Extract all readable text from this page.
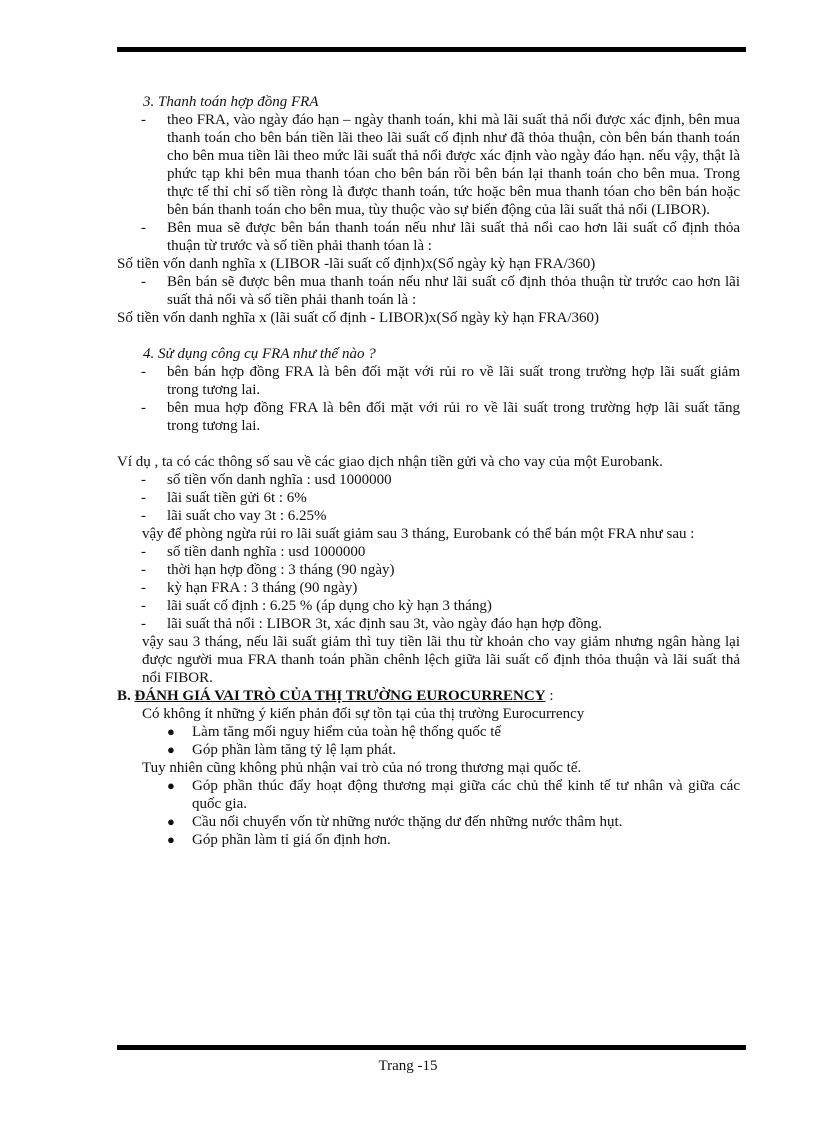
3. Thanh toán hợp đồng FRA

-	theo FRA, vào ngày đáo hạn – ngày thanh toán, khi mà lãi suất thả nổi được xác định, bên mua thanh toán cho bên bán tiền lãi theo lãi suất cố định như đã thỏa thuận, còn bên bán thanh toán cho bên mua tiền lãi theo mức lãi suất thả nổi được xác định vào ngày đáo hạn. nếu vậy, thật là phức tạp khi bên mua thanh tóan cho bên bán rồi bên bán lại thanh toán cho bên mua. Trong thực tế thỉ chỉ số tiền ròng là được thanh toán, tức hoặc bên mua thanh tóan cho bên bán hoặc bên bán thanh toán cho bên mua, tùy thuộc vào sự biến động của lãi suất thả nổi (LIBOR).
-	Bên mua sẽ được bên bán thanh toán nếu như lãi suất thả nổi cao hơn lãi suất cố định thỏa thuận từ trước và số tiền phải thanh tóan là :

Số tiền vốn danh nghĩa x (LIBOR -lãi suất cố định)x(Số ngày kỳ hạn FRA/360)

-	Bên bán sẽ được bên mua thanh toán nếu như lãi suất cố định thỏa thuận từ trước cao hơn lãi suất thả nổi và số tiền phải thanh toán là :

Số tiền vốn danh nghĩa x (lãi suất cố định - LIBOR)x(Số ngày kỳ hạn FRA/360)

4. Sử dụng công cụ FRA như thế nào ?

-	bên bán hợp đồng FRA là bên đối mặt với rủi ro về lãi suất trong trường hợp lãi suất giảm trong tương lai.
-	bên mua hợp đồng FRA là bên đối mặt với rủi ro về lãi suất trong trường hợp lãi suất tăng trong tương lai.

Ví dụ , ta có các thông số sau về các giao dịch nhận tiền gửi và cho vay của một Eurobank.

-	số tiền vốn danh nghĩa : usd 1000000
-	lãi suất tiền gửi 6t : 6%
-	lãi suất cho vay 3t : 6.25%

vậy để phòng ngừa rủi ro lãi suất giảm sau 3 tháng, Eurobank có thể bán một FRA như sau :

-	số tiền danh nghĩa : usd 1000000
-	thời hạn hợp đồng : 3 tháng (90 ngày)
-	kỳ hạn FRA : 3 tháng (90 ngày)
-	lãi suất cố định : 6.25 % (áp dụng cho kỳ hạn 3 tháng)
-	lãi suất thả nổi : LIBOR 3t, xác định sau 3t, vào ngày đáo hạn hợp đồng.

vậy sau 3 tháng, nếu lãi suất giảm thì tuy tiền lãi thu từ khoản cho vay giảm nhưng ngân hàng lại được người mua FRA thanh toán phần chênh lệch giữa lãi suất cố định thỏa thuận và lãi suất thả nổi FIBOR.

B. ĐÁNH GIÁ VAI TRÒ CỦA THỊ TRƯỜNG EUROCURRENCY :

Có không ít những ý kiến phản đối sự tồn tại của thị trường Eurocurrency

●	Làm tăng mối nguy hiểm của toàn hệ thống quốc tế
●	Góp phần làm tăng tỷ lệ lạm phát.

Tuy nhiên cũng không phủ nhận vai trò của nó trong thương mại quốc tế.

●	Góp phần thúc đẩy hoạt động thương mại giữa các chủ thể kinh tế tư nhân và giữa các quốc gia.
●	Cầu nối chuyển vốn từ những nước thặng dư đến những nước thâm hụt.
●	Góp phần làm tỉ giá ổn định hơn.
Trang -15
